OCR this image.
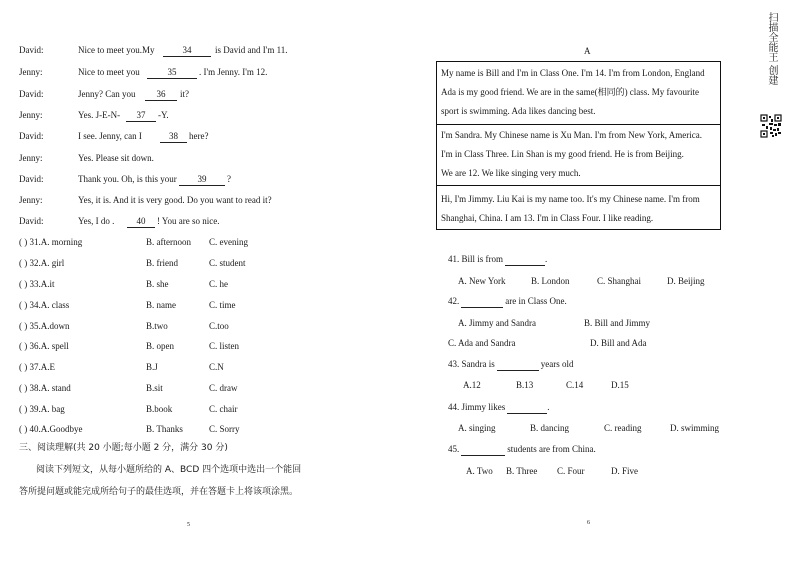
David:	Nice to meet you.My	34	is David and I'm 11.
Jenny:	Nice to meet you	35	. I'm Jenny. I'm 12.
David:	Jenny? Can you	36	it?
Jenny:	Yes. J-E-N-	37	-Y.
David:	I see. Jenny, can I	38	here?
Jenny:	Yes. Please sit down.
David:	Thank you. Oh, is this your	39	?
Jenny:	Yes, it is. And it is very good. Do you want to read it?
David:	Yes, I do .	40	! You are so nice.
( ) 31.A. morning	B. afternoon C. evening
( ) 32.A. girl	B. friend	C. student
( ) 33.A.it	B. she	C. he
( ) 34.A. class	B. name	C. time
( ) 35.A.down	B.two	C.too
( ) 36.A. spell	B. open	C. listen
( ) 37.A.E	B.J	C.N
( ) 38.A. stand	B.sit	C. draw
( ) 39.A. bag	B.book	C. chair
( ) 40.A.Goodbye	B. Thanks	C. Sorry
三、阅读理解(共 20 小题;每小题 2 分，满分 30 分)
阅读下列短文，从每小题所给的 A、BCD 四个选项中选出一个能回
答所提问题或能完成所给句子的最佳选项，并在答题卡上将该项涂黑。
5
A
My name is Bill and I'm in Class One. I'm 14. I'm from London, England
Ada is my good friend. We are in the same(相同的) class. My favourite
sport is swimming. Ada likes dancing best.
I'm Sandra. My Chinese name is Xu Man. I'm from New York, America.
I'm in Class Three. Lin Shan is my good friend. He is from Beijing.
We are 12. We like singing very much.
Hi, I'm Jimmy. Liu Kai is my name too. It's my Chinese name. I'm from
Shanghai, China. I am 13. I'm in Class Four. I like reading.
41. Bill is from	.
A. New York	B. London	C. Shanghai	D. Beijing
42.	are in Class One.
A. Jimmy and Sandra	B. Bill and Jimmy
C. Ada and Sandra	D. Bill and Ada
43. Sandra is	years old
A.12	B.13	C.14	D.15
44. Jimmy likes	.
A. singing	B. dancing	C. reading	D. swimming
45.	students are from China.
A. Two B. Three C. Four	D. Five
6
扫描全能王 创建
